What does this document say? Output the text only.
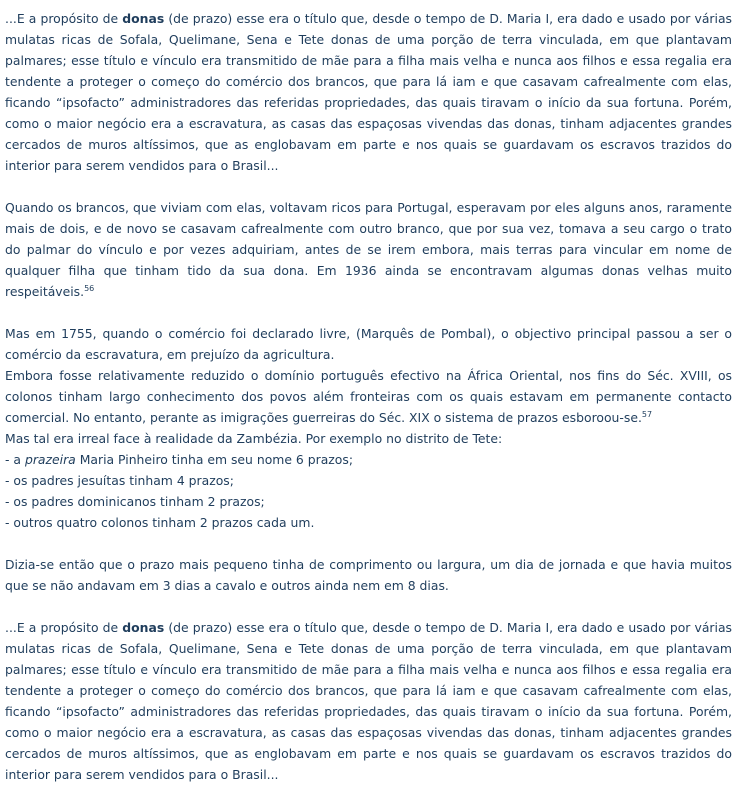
...E a propósito de donas (de prazo) esse era o título que, desde o tempo de D. Maria I, era dado e usado por várias mulatas ricas de Sofala, Quelimane, Sena e Tete donas de uma porção de terra vinculada, em que plantavam palmares; esse título e vínculo era transmitido de mãe para a filha mais velha e nunca aos filhos e essa regalia era tendente a proteger o começo do comércio dos brancos, que para lá iam e que casavam cafrealmente com elas, ficando “ipsofacto” administradores das referidas propriedades, das quais tiravam o início da sua fortuna. Porém, como o maior negócio era a escravatura, as casas das espaçosas vivendas das donas, tinham adjacentes grandes cercados de muros altíssimos, que as englobavam em parte e nos quais se guardavam os escravos trazidos do interior para serem vendidos para o Brasil...

Quando os brancos, que viviam com elas, voltavam ricos para Portugal, esperavam por eles alguns anos, raramente mais de dois, e de novo se casavam cafrealmente com outro branco, que por sua vez, tomava a seu cargo o trato do palmar do vínculo e por vezes adquiriam, antes de se irem embora, mais terras para vincular em nome de qualquer filha que tinham tido da sua dona. Em 1936 ainda se encontravam algumas donas velhas muito respeitáveis.$^{56}$

Mas em 1755, quando o comércio foi declarado livre, (Marquês de Pombal), o objectivo principal passou a ser o comércio da escravatura, em prejuízo da agricultura.
Embora fosse relativamente reduzido o domínio português efectivo na África Oriental, nos fins do Séc. XVIII, os colonos tinham largo conhecimento dos povos além fronteiras com os quais estavam em permanente contacto comercial. No entanto, perante as imigrações guerreiras do Séc. XIX o sistema de prazos esboroou-se.$^{57}$

Mas tal era irreal face à realidade da Zambézia. Por exemplo no distrito de Tete:
- a prazeira Maria Pinheiro tinha em seu nome 6 prazos;
- os padres jesuítas tinham 4 prazos;
- os padres dominicanos tinham 2 prazos;
- outros quatro colonos tinham 2 prazos cada um.

Dizia-se então que o prazo mais pequeno tinha de comprimento ou largura, um dia de jornada e que havia muitos que se não andavam em 3 dias a cavalo e outros ainda nem em 8 dias.

...E a propósito de donas (de prazo) esse era o título que, desde o tempo de D. Maria I, era dado e usado por várias mulatas ricas de Sofala, Quelimane, Sena e Tete donas de uma porção de terra vinculada, em que plantavam palmares; esse título e vínculo era transmitido de mãe para a filha mais velha e nunca aos filhos e essa regalia era tendente a proteger o começo do comércio dos brancos, que para lá iam e que casavam cafrealmente com elas, ficando “ipsofacto” administradores das referidas propriedades, das quais tiravam o início da sua fortuna. Porém, como o maior negócio era a escravatura, as casas das espaçosas vivendas das donas, tinham adjacentes grandes cercados de muros altíssimos, que as englobavam em parte e nos quais se guardavam os escravos trazidos do interior para serem vendidos para o Brasil...
